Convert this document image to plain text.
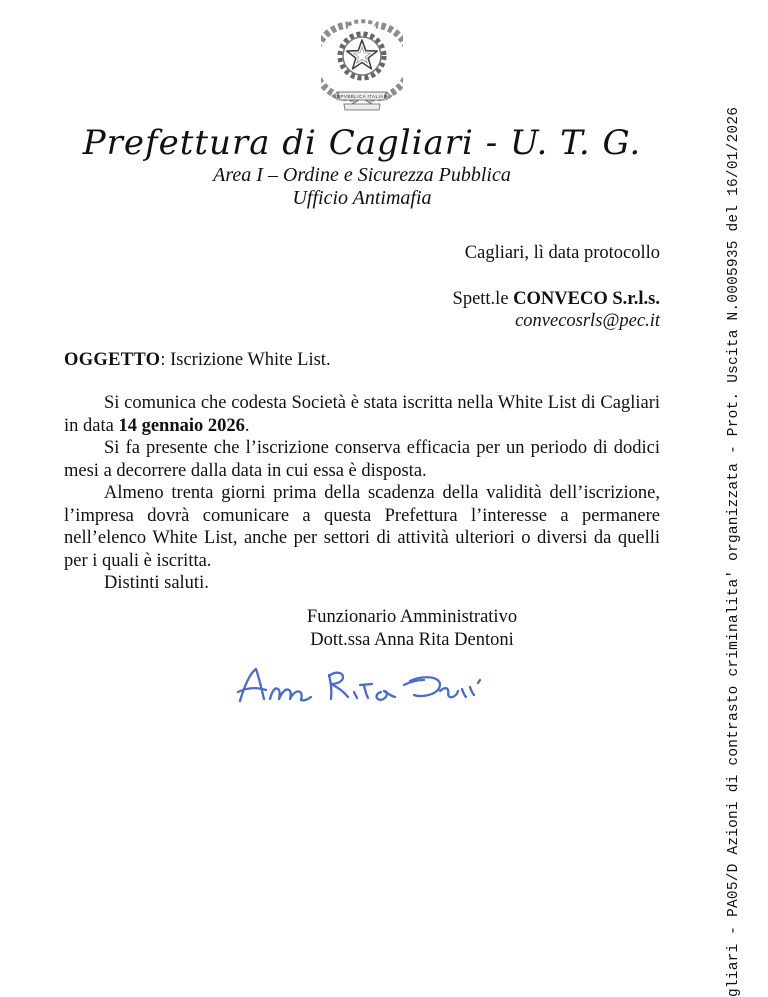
REPVBBLICA ITALIANA
Prefettura di Cagliari - U. T. G.
Area I – Ordine e Sicurezza Pubblica
Ufficio Antimafia
Cagliari, lì data protocollo
Spett.le CONVECO S.r.l.s.
convecosrls@pec.it
OGGETTO: Iscrizione White List.

Si comunica che codesta Società è stata iscritta nella White List di Cagliari in data 14 gennaio 2026.

Si fa presente che l’iscrizione conserva efficacia per un periodo di dodici mesi a decorrere dalla data in cui essa è disposta.

Almeno trenta giorni prima della scadenza della validità dell’iscrizione, l’impresa dovrà comunicare a questa Prefettura l’interesse a permanere nell’elenco White List, anche per settori di attività ulteriori o diversi da quelli per i quali è iscritta.

Distinti saluti.

Funzionario Amministrativo
Dott.ssa Anna Rita Dentoni	gliari - PA05/D Azioni di contrasto criminalita' organizzata - Prot. Uscita N.0005935 del 16/01/2026
